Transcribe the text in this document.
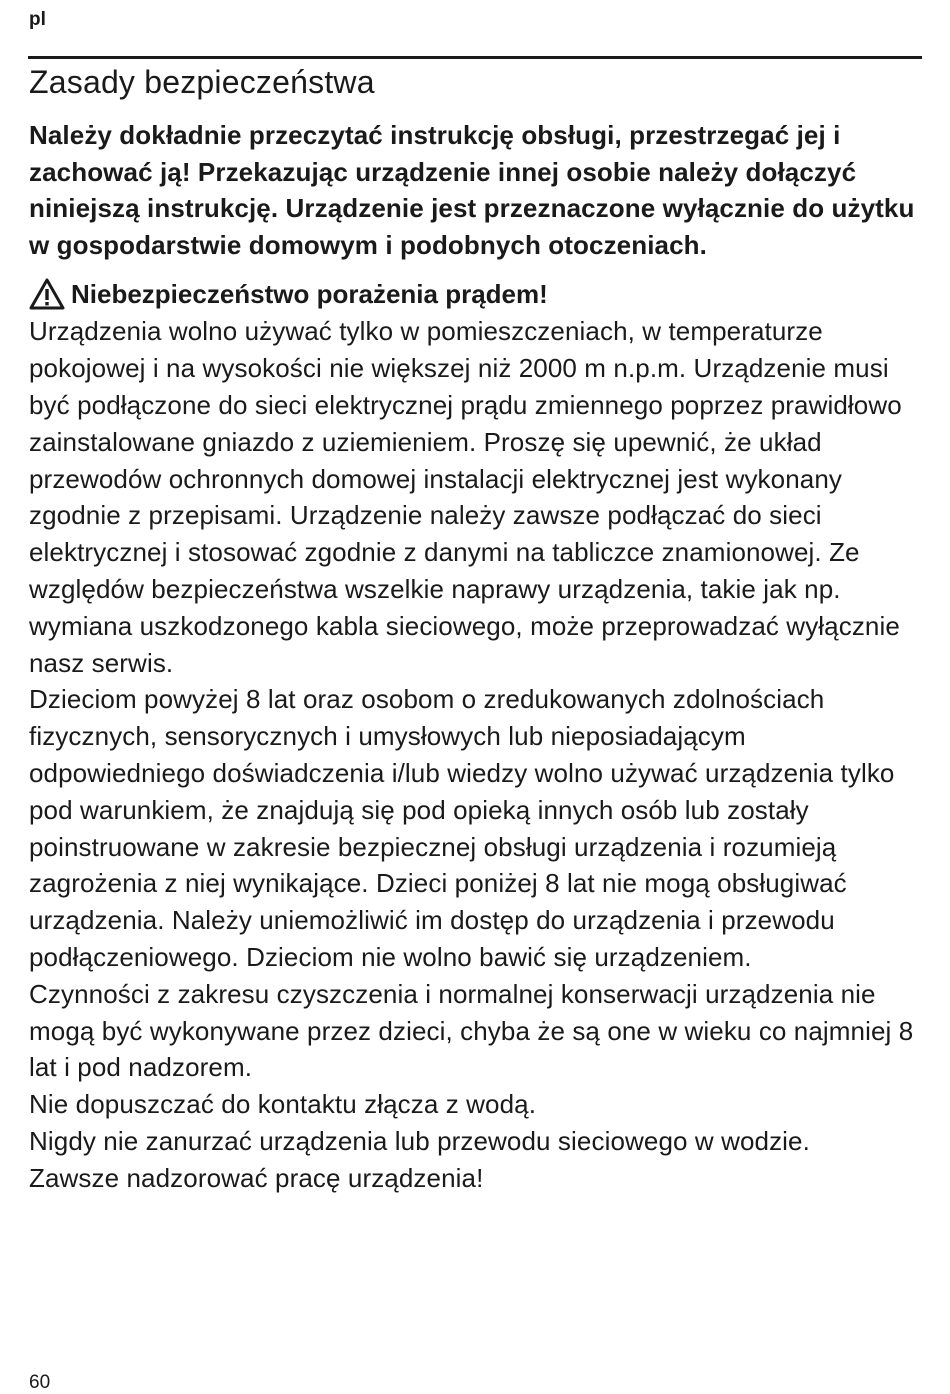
pl
Zasady bezpieczeństwa

Należy dokładnie przeczytać instrukcję obsługi, przestrzegać jej i zachować ją! Przekazując urządzenie innej osobie należy dołączyć niniejszą instrukcję. Urządzenie jest przeznaczone wyłącznie do użytku w gospodarstwie domowym i podobnych otoczeniach.

Niebezpieczeństwo porażenia prądem!

Urządzenia wolno używać tylko w pomieszczeniach, w temperaturze pokojowej i na wysokości nie większej niż 2000 m n.p.m. Urządzenie musi być podłączone do sieci elektrycznej prądu zmiennego poprzez prawidłowo zainstalowane gniazdo z uziemieniem. Proszę się upewnić, że układ przewodów ochronnych domowej instalacji elektrycznej jest wykonany zgodnie z przepisami. Urządzenie należy zawsze podłączać do sieci elektrycznej i stosować zgodnie z danymi na tabliczce znamionowej. Ze względów bezpieczeństwa wszelkie naprawy urządzenia, takie jak np. wymiana uszkodzonego kabla sieciowego, może przeprowadzać wyłącznie nasz serwis.

Dzieciom powyżej 8 lat oraz osobom o zredukowanych zdolnościach fizycznych, sensorycznych i umysłowych lub nieposiadającym odpowiedniego doświadczenia i/lub wiedzy wolno używać urządzenia tylko pod warunkiem, że znajdują się pod opieką innych osób lub zostały poinstruowane w zakresie bezpiecznej obsługi urządzenia i rozumieją zagrożenia z niej wynikające. Dzieci poniżej 8 lat nie mogą obsługiwać urządzenia. Należy uniemożliwić im dostęp do urządzenia i przewodu podłączeniowego. Dzieciom nie wolno bawić się urządzeniem.

Czynności z zakresu czyszczenia i normalnej konserwacji urządzenia nie mogą być wykonywane przez dzieci, chyba że są one w wieku co najmniej 8 lat i pod nadzorem.

Nie dopuszczać do kontaktu złącza z wodą.

Nigdy nie zanurzać urządzenia lub przewodu sieciowego w wodzie.

Zawsze nadzorować pracę urządzenia!

60
